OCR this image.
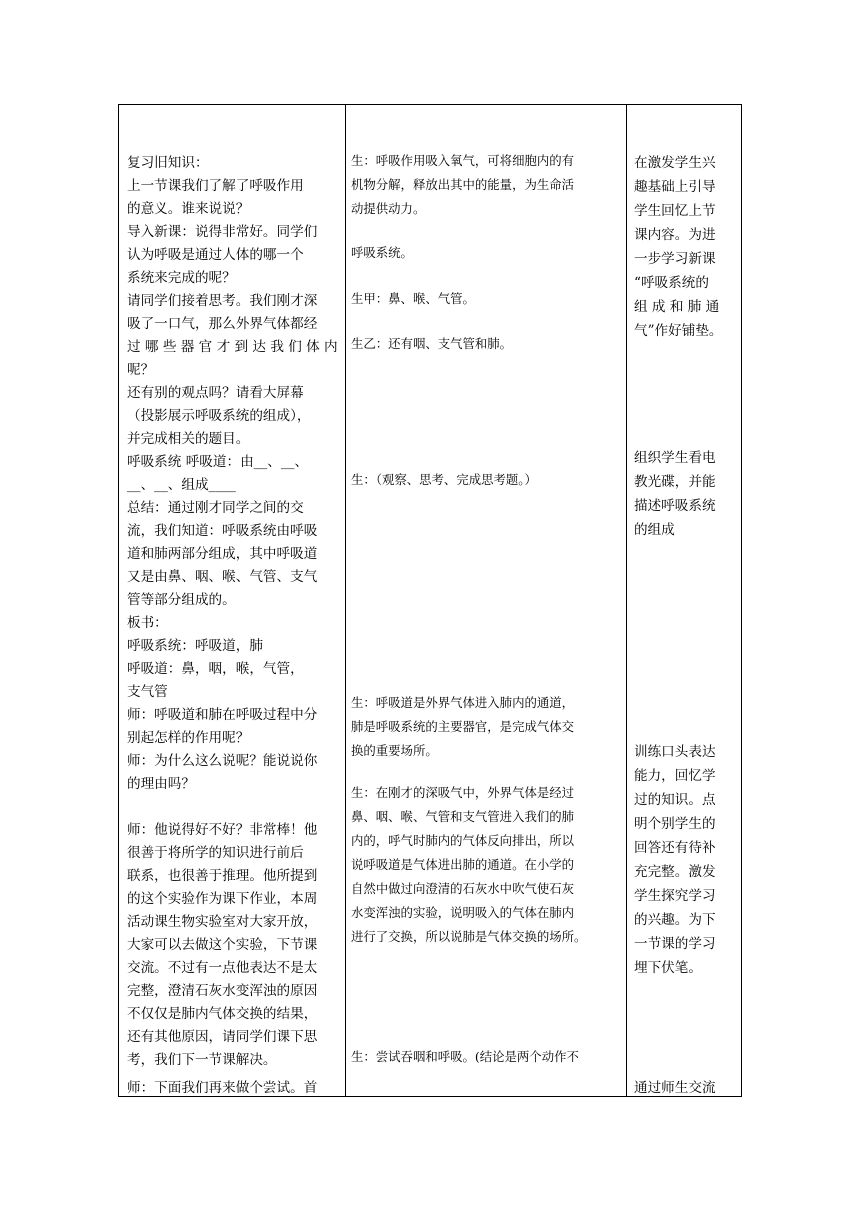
复习旧知识：
上一节课我们了解了呼吸作用
的意义。谁来说说？
导入新课：说得非常好。同学们
认为呼吸是通过人体的哪一个
系统来完成的呢？
请同学们接着思考。我们刚才深
吸了一口气，那么外界气体都经
过 哪 些 器 官 才 到 达 我 们 体 内
呢？
还有别的观点吗？请看大屏幕
（投影展示呼吸系统的组成），
并完成相关的题目。
呼吸系统 呼吸道：由__、__、
__、__、组成____
总结：通过刚才同学之间的交
流，我们知道：呼吸系统由呼吸
道和肺两部分组成，其中呼吸道
又是由鼻、咽、喉、气管、支气
管等部分组成的。
板书：
呼吸系统：呼吸道，肺
呼吸道：鼻，咽，喉，气管，
支气管
师：呼吸道和肺在呼吸过程中分
别起怎样的作用呢？
师：为什么这么说呢？能说说你
的理由吗？
师：他说得好不好？非常棒！他
很善于将所学的知识进行前后
联系，也很善于推理。他所提到
的这个实验作为课下作业，本周
活动课生物实验室对大家开放，
大家可以去做这个实验，下节课
交流。不过有一点他表达不是太
完整，澄清石灰水变浑浊的原因
不仅仅是肺内气体交换的结果，
还有其他原因，请同学们课下思
考，我们下一节课解决。
师：下面我们再来做个尝试。首
生：呼吸作用吸入氧气，可将细胞内的有
机物分解，释放出其中的能量，为生命活
动提供动力。
呼吸系统。
生甲：鼻、喉、气管。
生乙：还有咽、支气管和肺。
生：（观察、思考、完成思考题。）
生：呼吸道是外界气体进入肺内的通道，
肺是呼吸系统的主要器官，是完成气体交
换的重要场所。
生：在刚才的深吸气中，外界气体是经过
鼻、咽、喉、气管和支气管进入我们的肺
内的，呼气时肺内的气体反向排出，所以
说呼吸道是气体进出肺的通道。在小学的
自然中做过向澄清的石灰水中吹气使石灰
水变浑浊的实验，说明吸入的气体在肺内
进行了交换，所以说肺是气体交换的场所。
生：尝试吞咽和呼吸。(结论是两个动作不
在激发学生兴
趣基础上引导
学生回忆上节
课内容。为进
一步学习新课
“呼吸系统的
组 成 和 肺 通
气”作好铺垫。
组织学生看电
教光碟，并能
描述呼吸系统
的组成
训练口头表达
能力，回忆学
过的知识。点
明个别学生的
回答还有待补
充完整。激发
学生探究学习
的兴趣。为下
一节课的学习
埋下伏笔。
通过师生交流
